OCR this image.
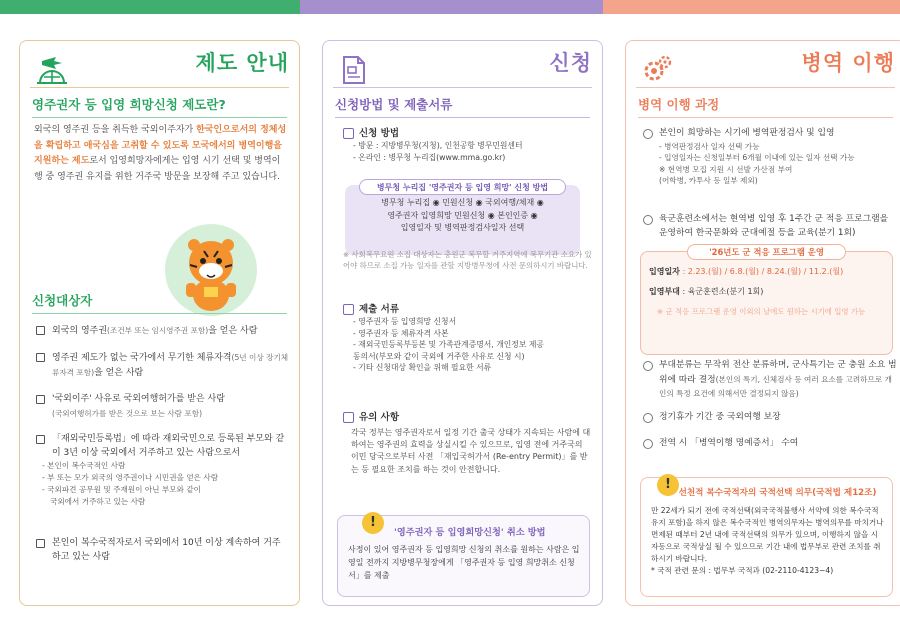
제도 안내
영주권자 등 입영 희망신청 제도란?
외국의 영주권 등을 취득한 국외이주자가 한국인으로서의 정체성을 확립하고 애국심을 고취할 수 있도록 모국에서의 병역이행을 지원하는 제도로서 입영희망자에게는 입영 시기 선택 및 병역이행 중 영주권 유지를 위한 거주국 방문을 보장해 주고 있습니다.
신청대상자
외국의 영주권(조건부 또는 임시영주권 포함)을 얻은 사람
영주권 제도가 없는 국가에서 무기한 체류자격(5년 이상 장기체류자격 포함)을 얻은 사람
'국외이주' 사유로 국외여행허가를 받은 사람
(국외여행허가를 받은 것으로 보는 사람 포함)
「재외국민등록법」에 따라 재외국민으로 등록된 부모와 같이 3년 이상 국외에서 거주하고 있는 사람으로서
- 본인이 복수국적인 사람
- 부 또는 모가 외국의 영주권이나 시민권을 얻은 사람
- 국외파견 공무원 및 주재원이 아닌 부모와 같이
국외에서 거주하고 있는 사람
본인이 복수국적자로서 국외에서 10년 이상 계속하여 거주하고 있는 사람
신청
신청방법 및 제출서류
신청 방법
- 방문 : 지방병무청(지청), 인천공항 병무민원센터
- 온라인 : 병무청 누리집(www.mma.go.kr)
병무청 누리집 '영주권자 등 입영 희망' 신청 방법
병무청 누리집 ◉ 민원신청 ◉ 국외여행/체재 ◉
영주권자 입영희망 민원신청 ◉ 본인인증 ◉
입영일자 및 병역판정검사일자 선택
※ 사회복무요원 소집 대상자는 충원군 복무할 거주지역에 복무기관 소요가 있어야 하므로 소집 가능 일자를 관할 지방병무청에 사전 문의하시기 바랍니다.
제출 서류
- 영주권자 등 입영희망 신청서
- 영주권자 등 체류자격 사본
- 재외국민등록부등본 및 가족관계증명서, 개인정보 제공
동의서(부모와 같이 국외에 거주한 사유로 신청 시)
- 기타 신청대상 확인을 위해 필요한 서류
유의 사항
각국 정부는 영주권자로서 일정 기간 출국 상태가 지속되는 사람에 대하여는 영주권의 효력을 상실시킬 수 있으므로, 입영 전에 거주국의 이민 당국으로부터 사전 「재입국허가서 (Re-entry Permit)」를 받는 등 필요한 조치를 하는 것이 안전합니다.
!
'영주권자 등 입영희망신청' 취소 방법
사정이 있어 영주권자 등 입영희망 신청의 취소를 원하는 사람은 입영일 전까지 지방병무청장에게 「영주권자 등 입영 희망취소 신청서」를 제출
병역 이행
병역 이행 과정
본인이 희망하는 시기에 병역판정검사 및 입영
- 병역판정검사 일자 선택 가능
- 입영일자는 신청일부터 6개월 이내에 있는 일자 선택 가능
※ 현역병 모집 지원 시 선발 가산점 부여
(어학병, 카투사 등 일부 제외)
육군훈련소에서는 현역병 입영 후 1주간 군 적응 프로그램을 운영하여 한국문화와 군대예절 등을 교육(분기 1회)
'26년도 군 적응 프로그램 운영
입영일자 : 2.23.(월) / 6.8.(월) / 8.24.(월) / 11.2.(월)
입영부대 : 육군훈련소(분기 1회)
※ 군 적응 프로그램 운영 이외의 날에도 원하는 시기에 입영 가능
부대분류는 무작위 전산 분류하며, 군사특기는 군 충원 소요 범위에 따라 결정(본인의 특기, 신체검사 등 여러 요소를 고려하므로 개인의 특정 요건에 의해서만 결정되지 않음)
정기휴가 기간 중 국외여행 보장
전역 시 「병역이행 명예증서」 수여
!
선천적 복수국적자의 국적선택 의무(국적법 제12조)
만 22세가 되기 전에 국적선택(외국국적불행사 서약에 의한 복수국적 유지 포함)을 하지 않은 복수국적인 병역의무자는 병역의무를 마치거나 면제된 때부터 2년 내에 국적선택의 의무가 있으며, 이행하지 않을 시 자동으로 국적상실 될 수 있으므로 기간 내에 법무부로 관련 조치를 취하시기 바랍니다.
* 국적 관련 문의 : 법무부 국적과 (02-2110-4123~4)
